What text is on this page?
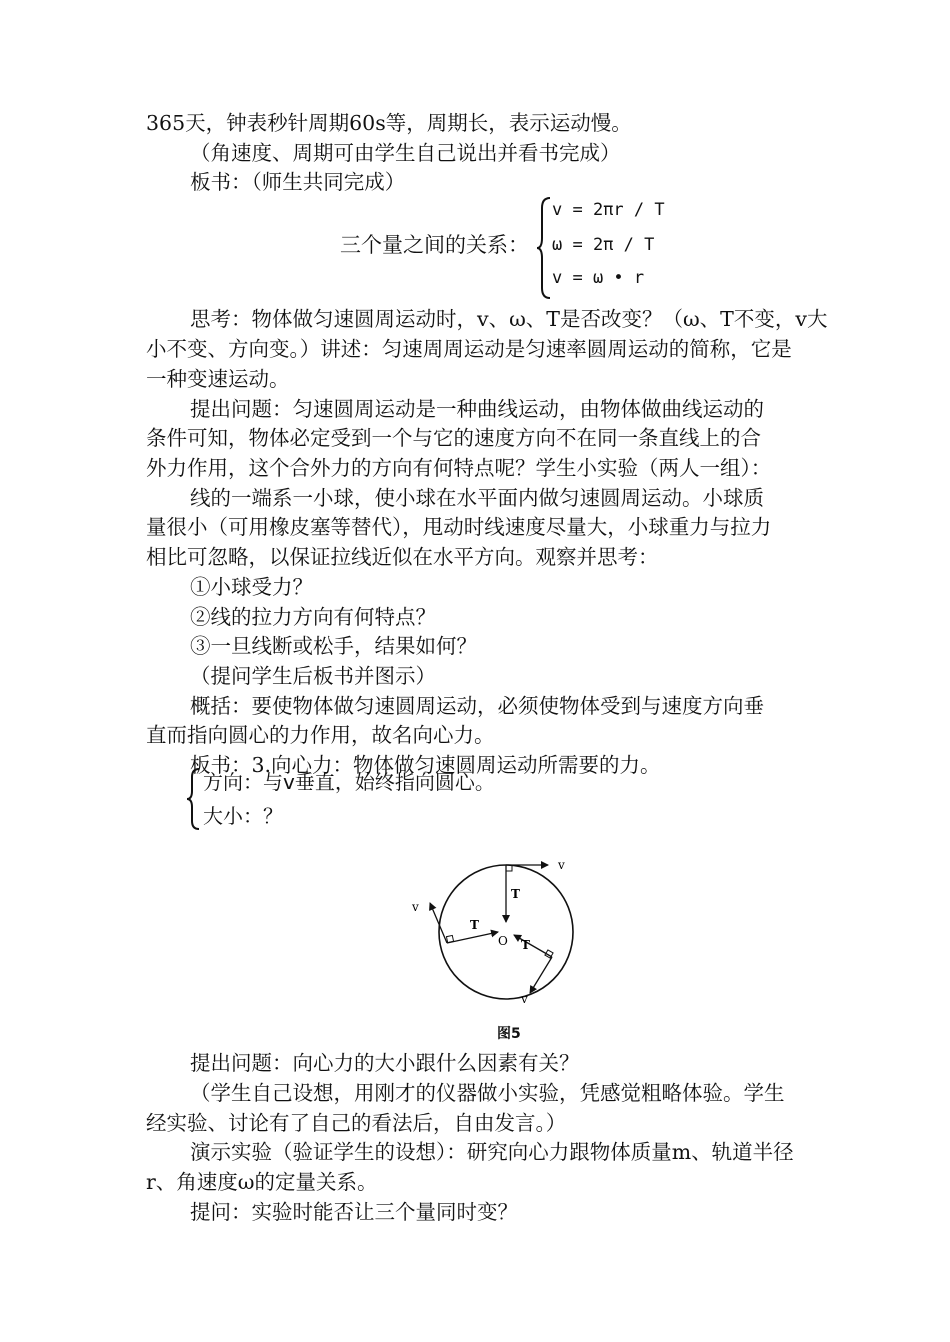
365天，钟表秒针周期60s等，周期长，表示运动慢。
（角速度、周期可由学生自己说出并看书完成）
板书：（师生共同完成）
三个量之间的关系：
v = 2πr / T
ω = 2π / T
v = ω • r
思考：物体做匀速圆周运动时，v、ω、T是否改变？（ω、T不变，v大
小不变、方向变。）讲述：匀速周周运动是匀速率圆周运动的简称，它是
一种变速运动。
提出问题：匀速圆周运动是一种曲线运动，由物体做曲线运动的
条件可知，物体必定受到一个与它的速度方向不在同一条直线上的合
外力作用，这个合外力的方向有何特点呢？学生小实验（两人一组）：
线的一端系一小球，使小球在水平面内做匀速圆周运动。小球质
量很小（可用橡皮塞等替代），甩动时线速度尽量大，小球重力与拉力
相比可忽略，以保证拉线近似在水平方向。观察并思考：
①小球受力？
②线的拉力方向有何特点？
③一旦线断或松手，结果如何？
（提问学生后板书并图示）
概括：要使物体做匀速圆周运动，必须使物体受到与速度方向垂
直而指向圆心的力作用，故名向心力。
板书：3.向心力：物体做匀速圆周运动所需要的力。
方向：与v垂直，始终指向圆心。
大小：？
v
T
v
T
O T
v
图5
提出问题：向心力的大小跟什么因素有关？
（学生自己设想，用刚才的仪器做小实验，凭感觉粗略体验。学生
经实验、讨论有了自己的看法后，自由发言。）
演示实验（验证学生的设想）：研究向心力跟物体质量m、轨道半径
r、角速度ω的定量关系。
提问：实验时能否让三个量同时变？
